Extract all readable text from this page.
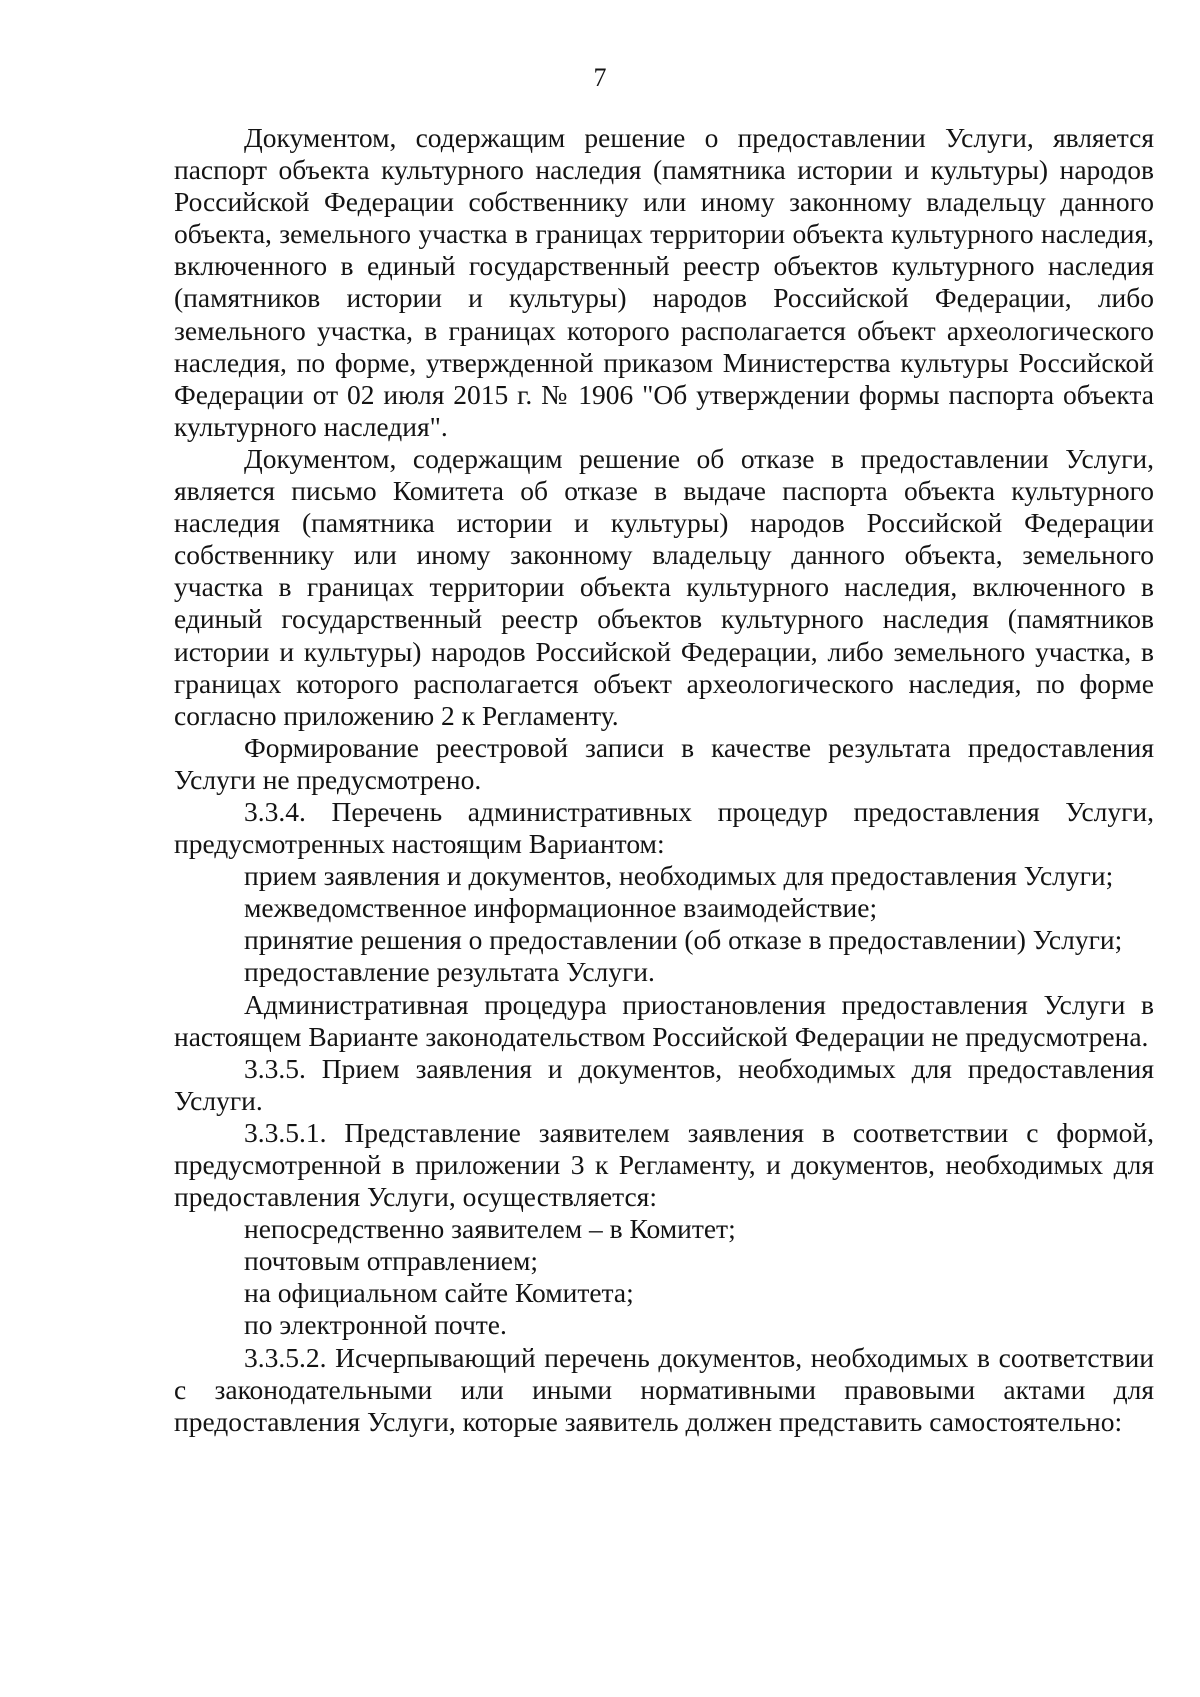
7

Документом, содержащим решение о предоставлении Услуги, является паспорт объекта культурного наследия (памятника истории и культуры) народов Российской Федерации собственнику или иному законному владельцу данного объекта, земельного участка в границах территории объекта культурного наследия, включенного в единый государственный реестр объектов культурного наследия (памятников истории и культуры) народов Российской Федерации, либо земельного участка, в границах которого располагается объект археологического наследия, по форме, утвержденной приказом Министерства культуры Российской Федерации от 02 июля 2015 г. № 1906 "Об утверждении формы паспорта объекта культурного наследия".

Документом, содержащим решение об отказе в предоставлении Услуги, является письмо Комитета об отказе в выдаче паспорта объекта культурного наследия (памятника истории и культуры) народов Российской Федерации собственнику или иному законному владельцу данного объекта, земельного участка в границах территории объекта культурного наследия, включенного в единый государственный реестр объектов культурного наследия (памятников истории и культуры) народов Российской Федерации, либо земельного участка, в границах которого располагается объект археологического наследия, по форме согласно приложению 2 к Регламенту.

Формирование реестровой записи в качестве результата предоставления Услуги не предусмотрено.

3.3.4. Перечень административных процедур предоставления Услуги, предусмотренных настоящим Вариантом:

прием заявления и документов, необходимых для предоставления Услуги;

межведомственное информационное взаимодействие;

принятие решения о предоставлении (об отказе в предоставлении) Услуги;

предоставление результата Услуги.

Административная процедура приостановления предоставления Услуги в настоящем Варианте законодательством Российской Федерации не предусмотрена.

3.3.5. Прием заявления и документов, необходимых для предоставления Услуги.

3.3.5.1. Представление заявителем заявления в соответствии с формой, предусмотренной в приложении 3 к Регламенту, и документов, необходимых для предоставления Услуги, осуществляется:

непосредственно заявителем – в Комитет;

почтовым отправлением;

на официальном сайте Комитета;

по электронной почте.

3.3.5.2. Исчерпывающий перечень документов, необходимых в соответствии с законодательными или иными нормативными правовыми актами для предоставления Услуги, которые заявитель должен представить самостоятельно:
